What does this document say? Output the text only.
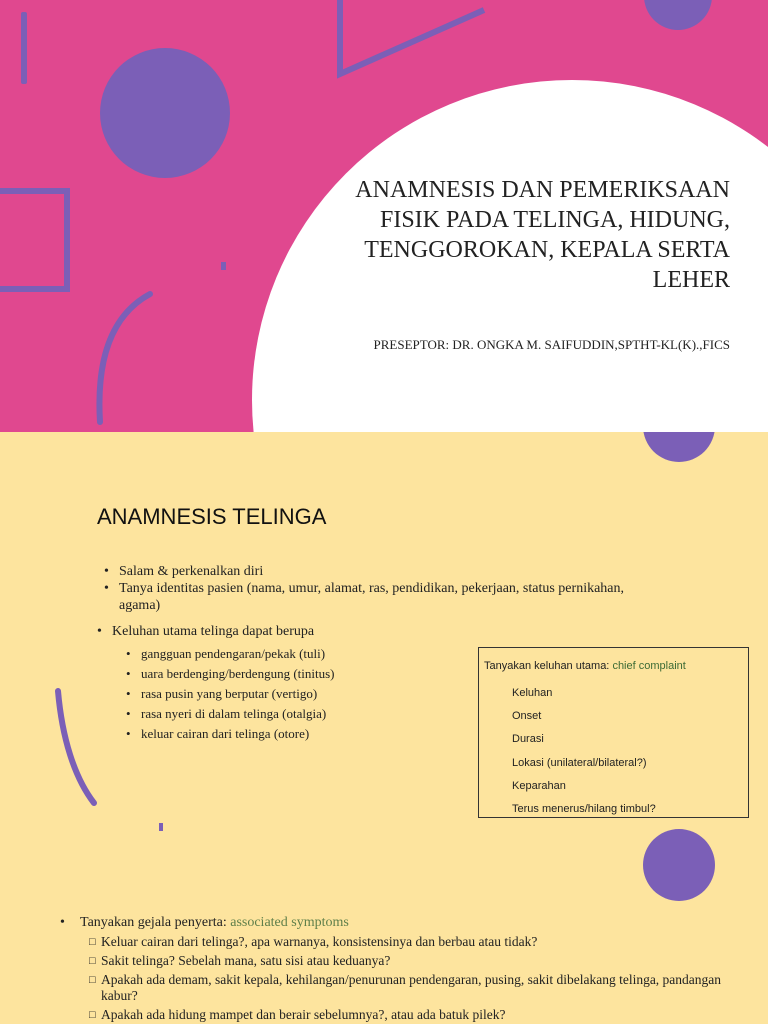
ANAMNESIS DAN PEMERIKSAAN FISIK PADA TELINGA, HIDUNG, TENGGOROKAN, KEPALA SERTA LEHER

PRESEPTOR: DR. ONGKA M. SAIFUDDIN,SPTHT-KL(K).,FICS

ANAMNESIS TELINGA
• Salam & perkenalkan diri
• Tanya identitas pasien (nama, umur, alamat, ras, pendidikan, pekerjaan, status pernikahan, agama)

• Keluhan utama telinga dapat berupa

• gangguan pendengaran/pekak (tuli)
• uara berdenging/berdengung (tinitus)
• rasa pusin yang berputar (vertigo)
• rasa nyeri di dalam telinga (otalgia)
• keluar cairan dari telinga (otore)

Tanyakan keluhan utama: chief complaint

Keluhan
Onset
Durasi
Lokasi (unilateral/bilateral?)
Keparahan
Terus menerus/hilang timbul?

• Tanyakan gejala penyerta: associated symptoms

□ Keluar cairan dari telinga?, apa warnanya, konsistensinya dan berbau atau tidak?
□ Sakit telinga? Sebelah mana, satu sisi atau keduanya?
□ Apakah ada demam, sakit kepala, kehilangan/penurunan pendengaran, pusing, sakit dibelakang telinga, pandangan kabur?
□ Apakah ada hidung mampet dan berair sebelumnya?, atau ada batuk pilek?
